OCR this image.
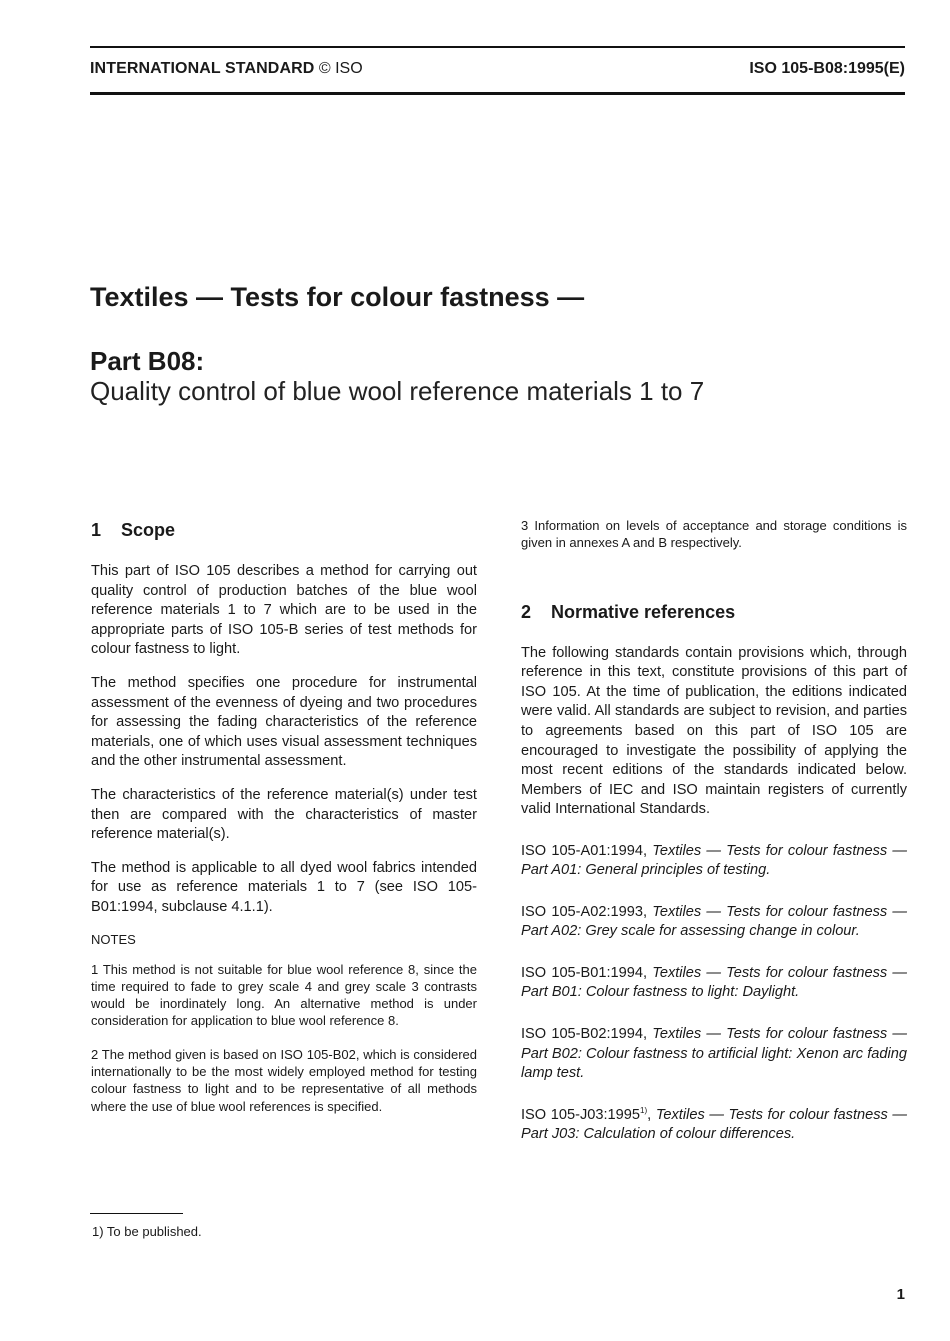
INTERNATIONAL STANDARD © ISO	ISO 105-B08:1995(E)
Textiles — Tests for colour fastness —
Part B08:
Quality control of blue wool reference materials 1 to 7
1 Scope

This part of ISO 105 describes a method for carrying out quality control of production batches of the blue wool reference materials 1 to 7 which are to be used in the appropriate parts of ISO 105-B series of test methods for colour fastness to light.

The method specifies one procedure for instrumental assessment of the evenness of dyeing and two procedures for assessing the fading characteristics of the reference materials, one of which uses visual assessment techniques and the other instrumental assessment.

The characteristics of the reference material(s) under test then are compared with the characteristics of master reference material(s).

The method is applicable to all dyed wool fabrics intended for use as reference materials 1 to 7 (see ISO 105-B01:1994, subclause 4.1.1).

NOTES

1 This method is not suitable for blue wool reference 8, since the time required to fade to grey scale 4 and grey scale 3 contrasts would be inordinately long. An alternative method is under consideration for application to blue wool reference 8.

2 The method given is based on ISO 105-B02, which is considered internationally to be the most widely employed method for testing colour fastness to light and to be representative of all methods where the use of blue wool references is specified.

3 Information on levels of acceptance and storage conditions is given in annexes A and B respectively.

2 Normative references

The following standards contain provisions which, through reference in this text, constitute provisions of this part of ISO 105. At the time of publication, the editions indicated were valid. All standards are subject to revision, and parties to agreements based on this part of ISO 105 are encouraged to investigate the possibility of applying the most recent editions of the standards indicated below. Members of IEC and ISO maintain registers of currently valid International Standards.

ISO 105-A01:1994, Textiles — Tests for colour fastness — Part A01: General principles of testing.

ISO 105-A02:1993, Textiles — Tests for colour fastness — Part A02: Grey scale for assessing change in colour.

ISO 105-B01:1994, Textiles — Tests for colour fastness — Part B01: Colour fastness to light: Daylight.

ISO 105-B02:1994, Textiles — Tests for colour fastness — Part B02: Colour fastness to artificial light: Xenon arc fading lamp test.

ISO 105-J03:1995$^{1)}$, Textiles — Tests for colour fastness — Part J03: Calculation of colour differences.

1) To be published.
1
